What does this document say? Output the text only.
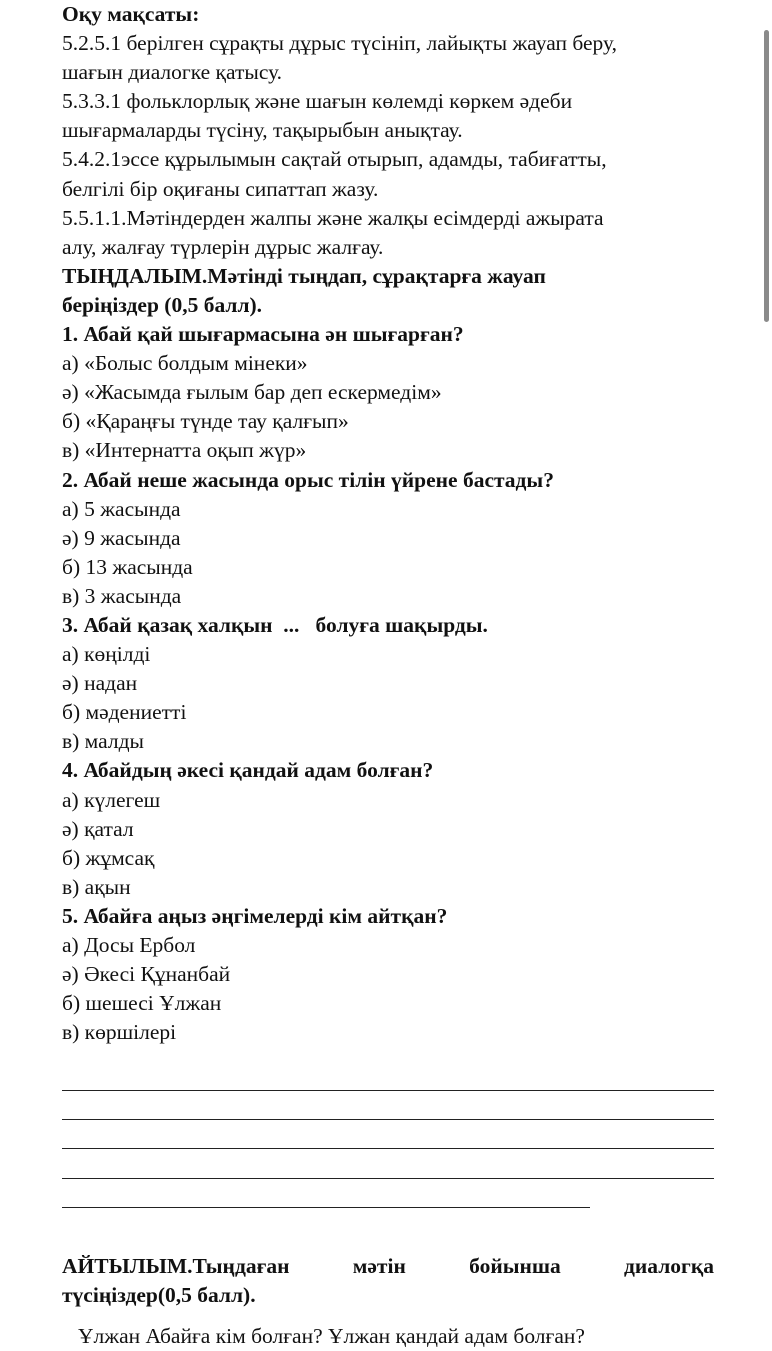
Оқу мақсаты:
5.2.5.1 берілген сұрақты дұрыс түсініп, лайықты жауап беру,
шағын диалогке қатысу.
5.3.3.1 фольклорлық және шағын көлемді көркем әдеби
шығармаларды түсіну, тақырыбын анықтау.
5.4.2.1эссе құрылымын сақтай отырып, адамды, табиғатты,
белгілі бір оқиғаны сипаттап жазу.
5.5.1.1.Мәтіндерден жалпы және жалқы есімдерді ажырата
алу, жалғау түрлерін дұрыс жалғау.
ТЫҢДАЛЫМ.Мәтінді тыңдап, сұрақтарға жауап
беріңіздер (0,5 балл).
1. Абай қай шығармасына ән шығарған?
а) «Болыс болдым мінеки»
ә) «Жасымда ғылым бар деп ескермедім»
б) «Қараңғы түнде тау қалғып»
в) «Интернатта оқып жүр»
2. Абай неше жасында орыс тілін үйрене бастады?
а) 5 жасында
ә) 9 жасында
б) 13 жасында
в) 3 жасында
3. Абай қазақ халқын  ...   болуға шақырды.
а) көңілді
ә) надан
б) мәдениетті
в) малды
4. Абайдың әкесі қандай адам болған?
а) күлегеш
ә) қатал
б) жұмсақ
в) ақын
5. Абайға аңыз әңгімелерді кім айтқан?
а) Досы Ербол
ә) Әкесі Құнанбай
б) шешесі Ұлжан
в) көршілері
АЙТЫЛЫМ.Тыңдаған	мәтін	бойынша	диалогқа
түсіңіздер(0,5 балл).
Ұлжан Абайға кім болған? Ұлжан қандай адам болған?
